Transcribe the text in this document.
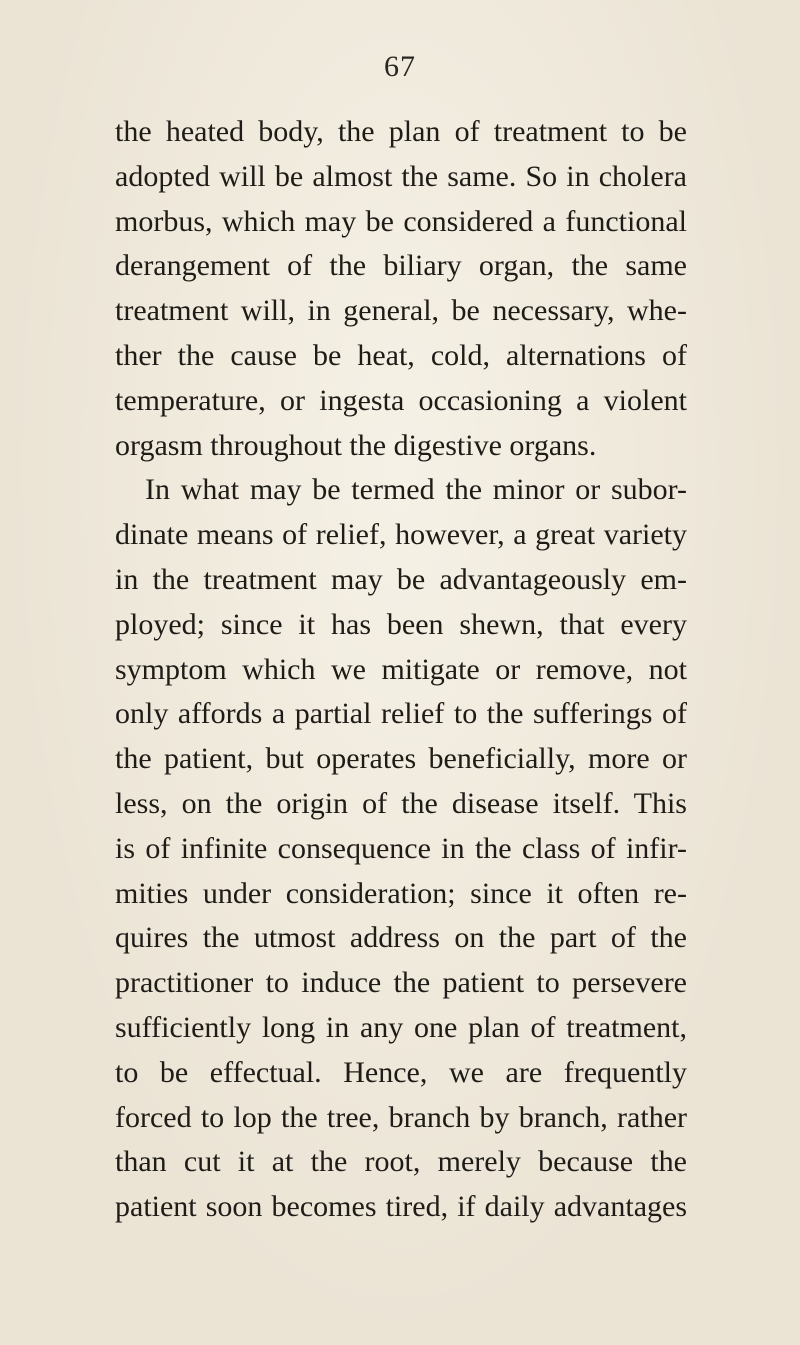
67
the heated body, the plan of treatment to be
adopted will be almost the same. So in cholera
morbus, which may be considered a functional
derangement of the biliary organ, the same
treatment will, in general, be necessary, whe-
ther the cause be heat, cold, alternations of
temperature, or ingesta occasioning a violent
orgasm throughout the digestive organs.
In what may be termed the minor or subor-
dinate means of relief, however, a great variety
in the treatment may be advantageously em-
ployed; since it has been shewn, that every
symptom which we mitigate or remove, not
only affords a partial relief to the sufferings of
the patient, but operates beneficially, more or
less, on the origin of the disease itself. This
is of infinite consequence in the class of infir-
mities under consideration; since it often re-
quires the utmost address on the part of the
practitioner to induce the patient to persevere
sufficiently long in any one plan of treatment,
to be effectual. Hence, we are frequently
forced to lop the tree, branch by branch, rather
than cut it at the root, merely because the
patient soon becomes tired, if daily advantages
